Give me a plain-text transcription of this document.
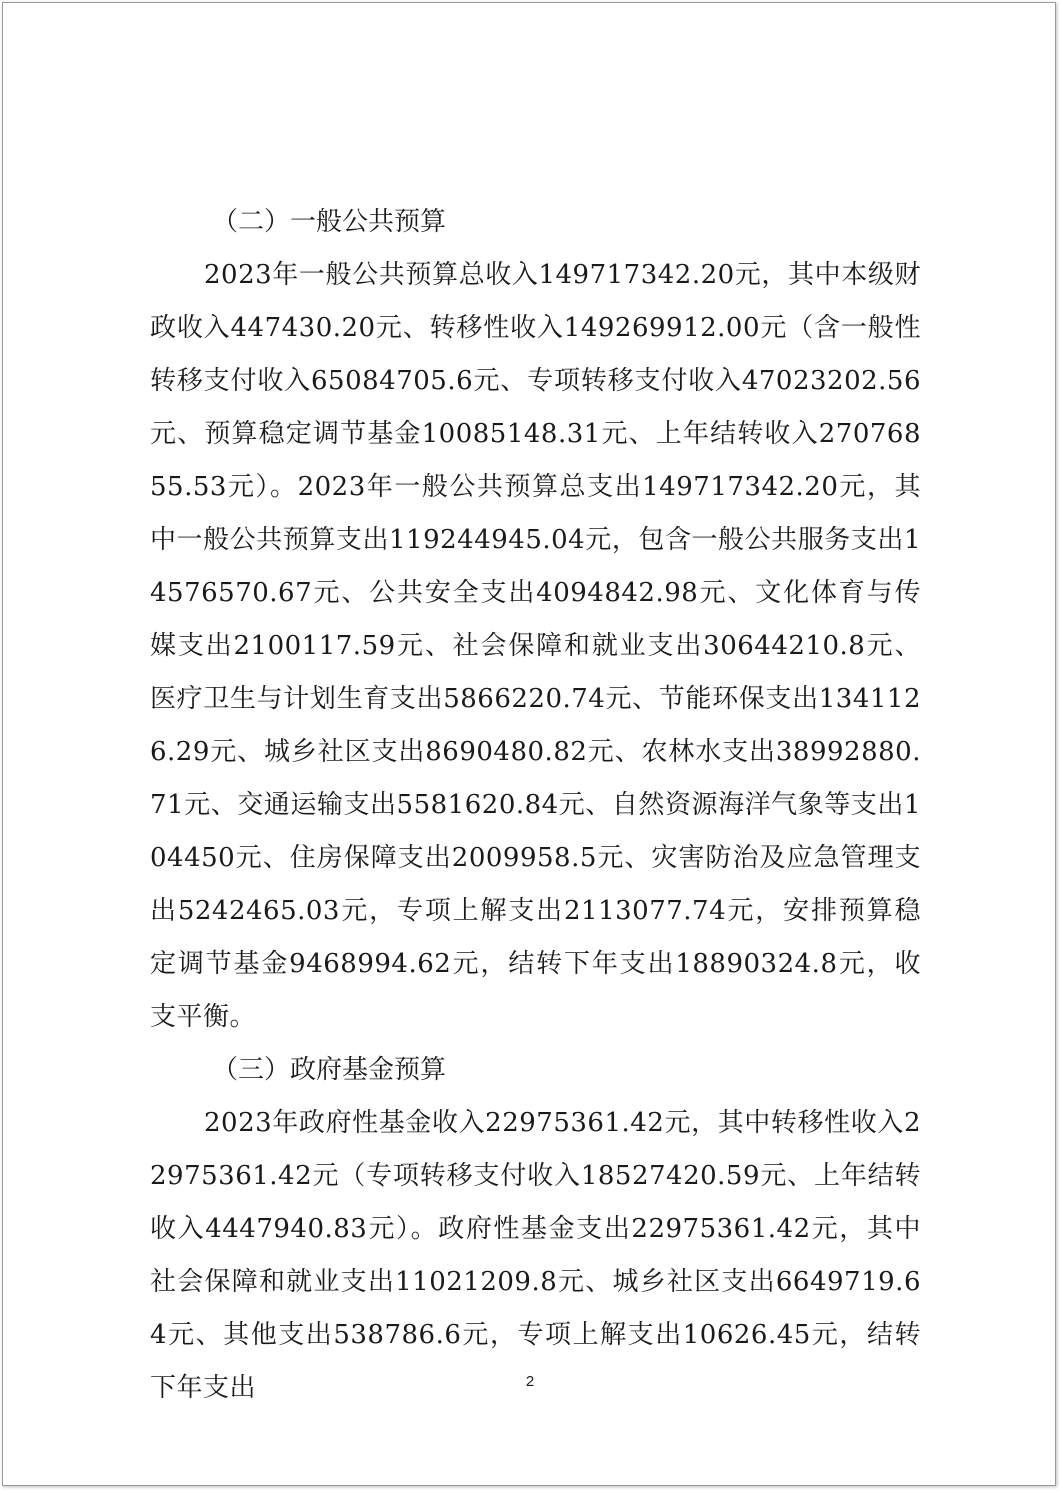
（二）一般公共预算

2023年一般公共预算总收入149717342.20元，其中本级财政收入447430.20元、转移性收入149269912.00元（含一般性转移支付收入65084705.6元、专项转移支付收入47023202.56元、预算稳定调节基金10085148.31元、上年结转收入27076855.53元）。2023年一般公共预算总支出149717342.20元，其中一般公共预算支出119244945.04元，包含一般公共服务支出14576570.67元、公共安全支出4094842.98元、文化体育与传媒支出2100117.59元、社会保障和就业支出30644210.8元、医疗卫生与计划生育支出5866220.74元、节能环保支出1341126.29元、城乡社区支出8690480.82元、农林水支出38992880.71元、交通运输支出5581620.84元、自然资源海洋气象等支出104450元、住房保障支出2009958.5元、灾害防治及应急管理支出5242465.03元，专项上解支出2113077.74元，安排预算稳定调节基金9468994.62元，结转下年支出18890324.8元，收支平衡。

（三）政府基金预算

2023年政府性基金收入22975361.42元，其中转移性收入22975361.42元（专项转移支付收入18527420.59元、上年结转收入4447940.83元）。政府性基金支出22975361.42元，其中社会保障和就业支出11021209.8元、城乡社区支出6649719.64元、其他支出538786.6元，专项上解支出10626.45元，结转下年支出	2
